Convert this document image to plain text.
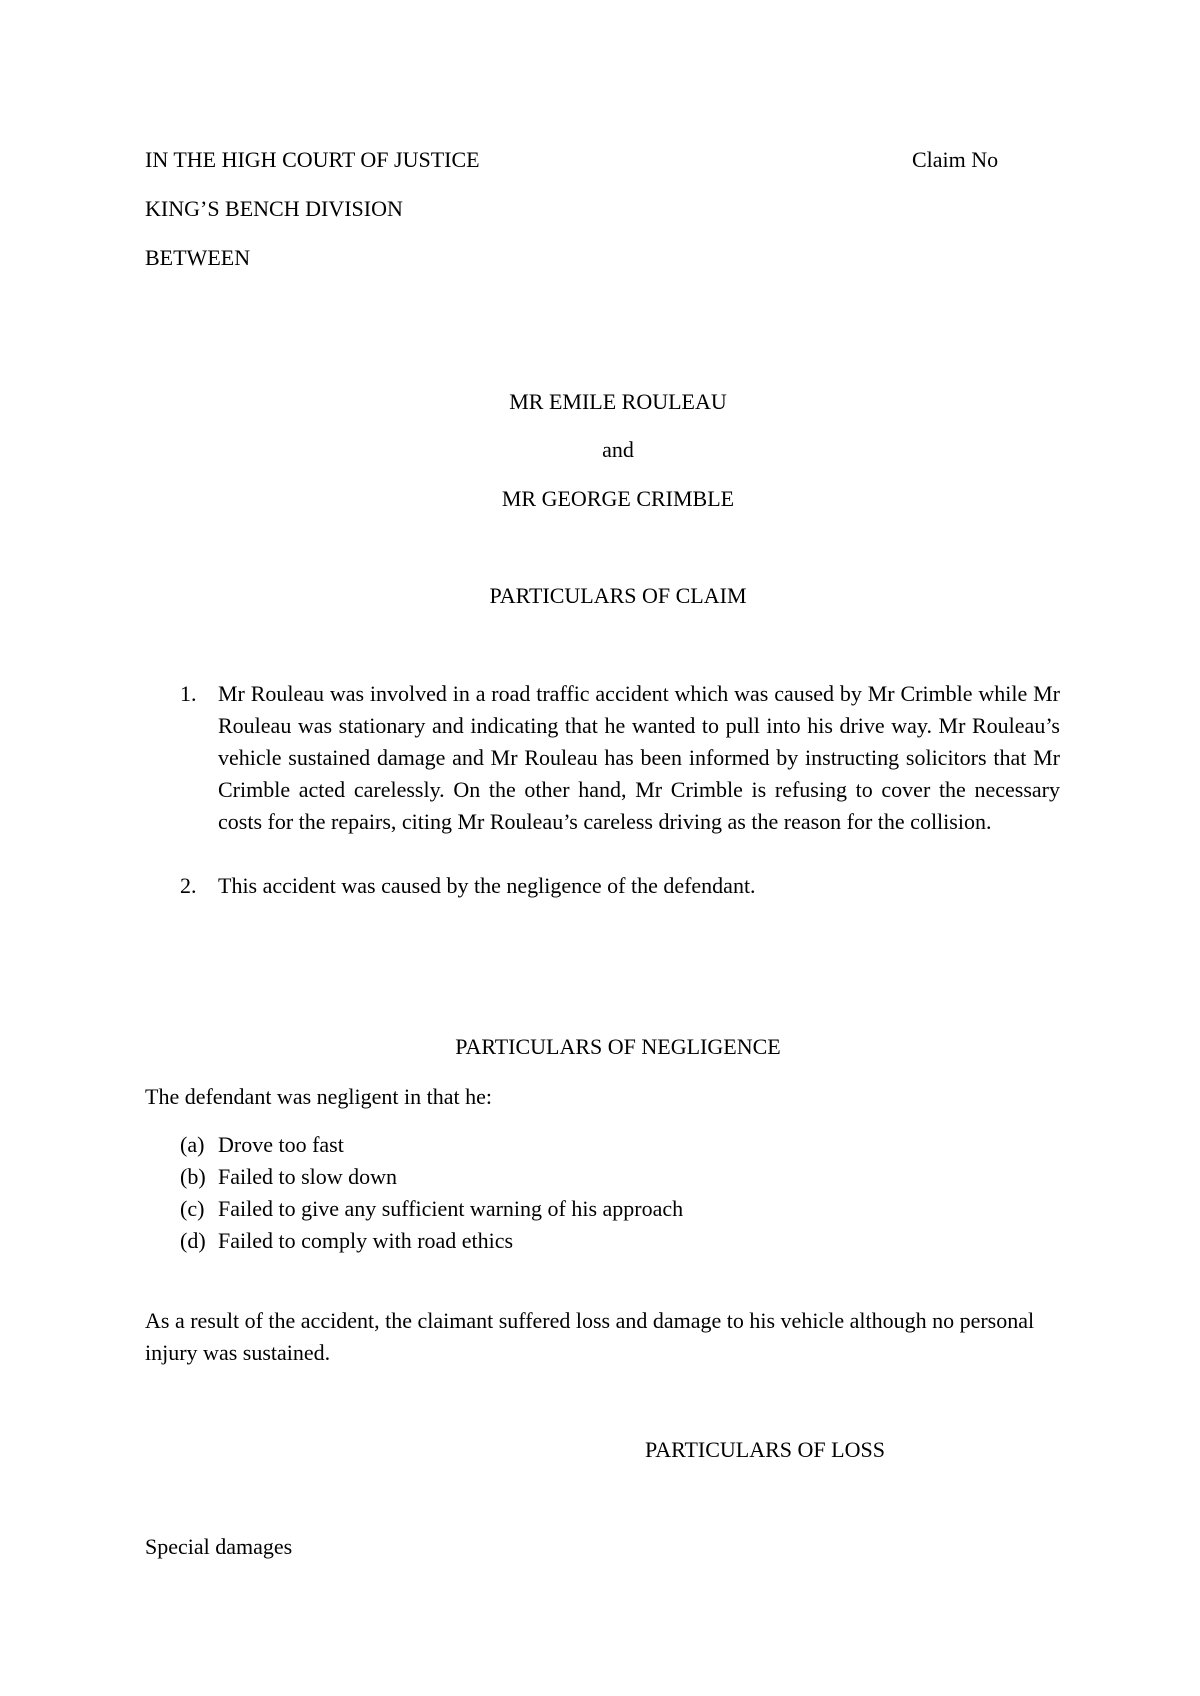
IN THE HIGH COURT OF JUSTICE	Claim No
KING’S BENCH DIVISION
BETWEEN
MR EMILE ROULEAU
and
MR GEORGE CRIMBLE
PARTICULARS OF CLAIM
1. Mr Rouleau was involved in a road traffic accident which was caused by Mr Crimble while Mr Rouleau was stationary and indicating that he wanted to pull into his drive way. Mr Rouleau’s vehicle sustained damage and Mr Rouleau has been informed by instructing solicitors that Mr Crimble acted carelessly. On the other hand, Mr Crimble is refusing to cover the necessary costs for the repairs, citing Mr Rouleau’s careless driving as the reason for the collision.
2. This accident was caused by the negligence of the defendant.
PARTICULARS OF NEGLIGENCE
The defendant was negligent in that he:
(a) Drove too fast
(b) Failed to slow down
(c) Failed to give any sufficient warning of his approach
(d) Failed to comply with road ethics
As a result of the accident, the claimant suffered loss and damage to his vehicle although no personal injury was sustained.
PARTICULARS OF LOSS
Special damages
